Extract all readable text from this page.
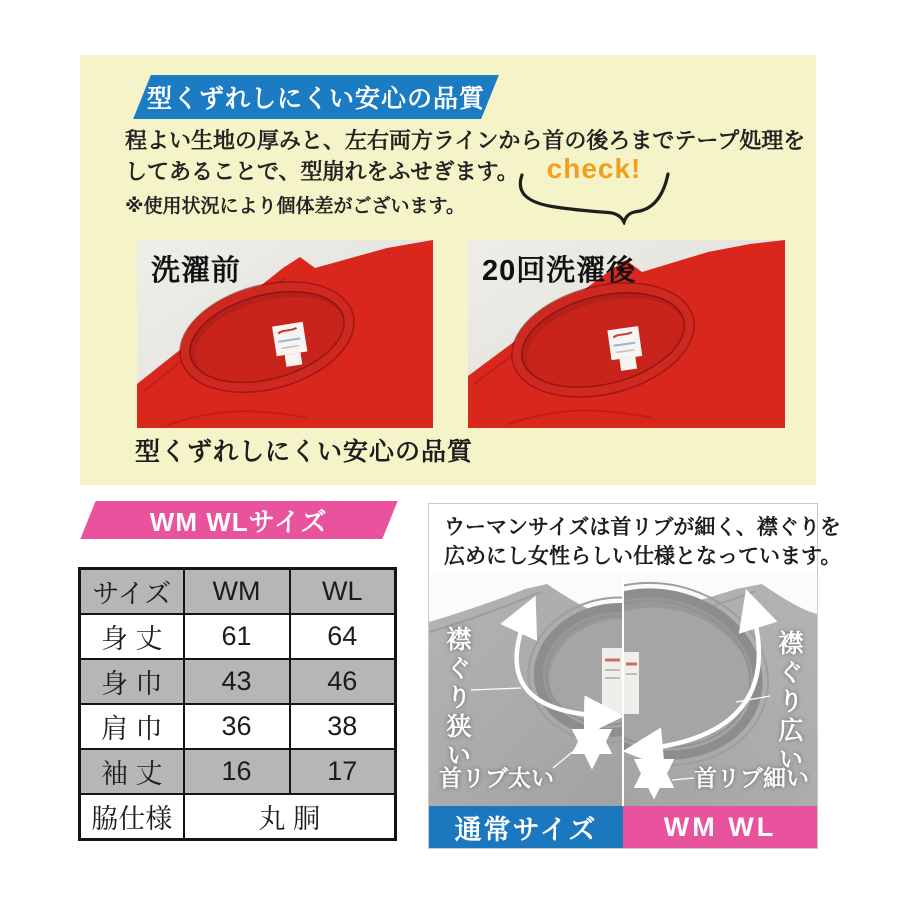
型くずれしにくい安心の品質
程よい生地の厚みと、左右両方ラインから首の後ろまでテープ処理を
してあることで、型崩れをふせぎます。
※使用状況により個体差がございます。
check!
洗濯前	20回洗濯後
型くずれしにくい安心の品質
WM WLサイズ
サイズ	WM	WL
身 丈	61	64
身 巾	43	46
肩 巾	36	38
袖 丈	16	17
脇仕様	丸 胴	
ウーマンサイズは首リブが細く、襟ぐりを
広めにし女性らしい仕様となっています。
襟ぐり狭い
首リブ太い
襟ぐり広い
首リブ細い
通常サイズ WM WL
